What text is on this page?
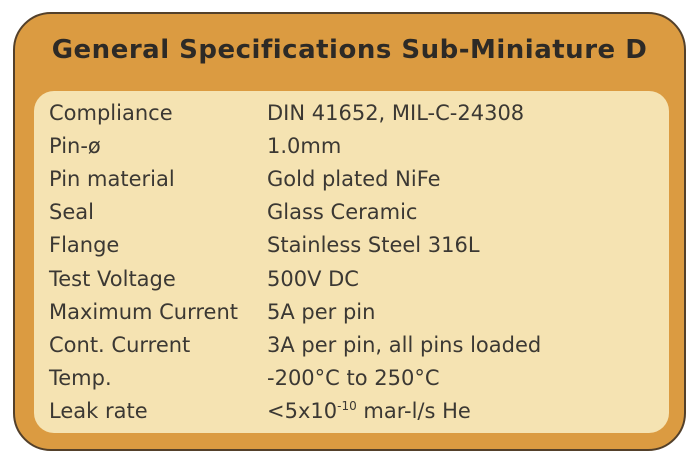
General Specifications Sub-Miniature D
Compliance	DIN 41652, MIL-C-24308
Pin-ø	1.0mm
Pin material	Gold plated NiFe
Seal	Glass Ceramic
Flange	Stainless Steel 316L
Test Voltage	500V DC
Maximum Current	5A per pin
Cont. Current	3A per pin, all pins loaded
Temp.	-200°C to 250°C
Leak rate	$<5x10^{-10}$ mar-l/s He
